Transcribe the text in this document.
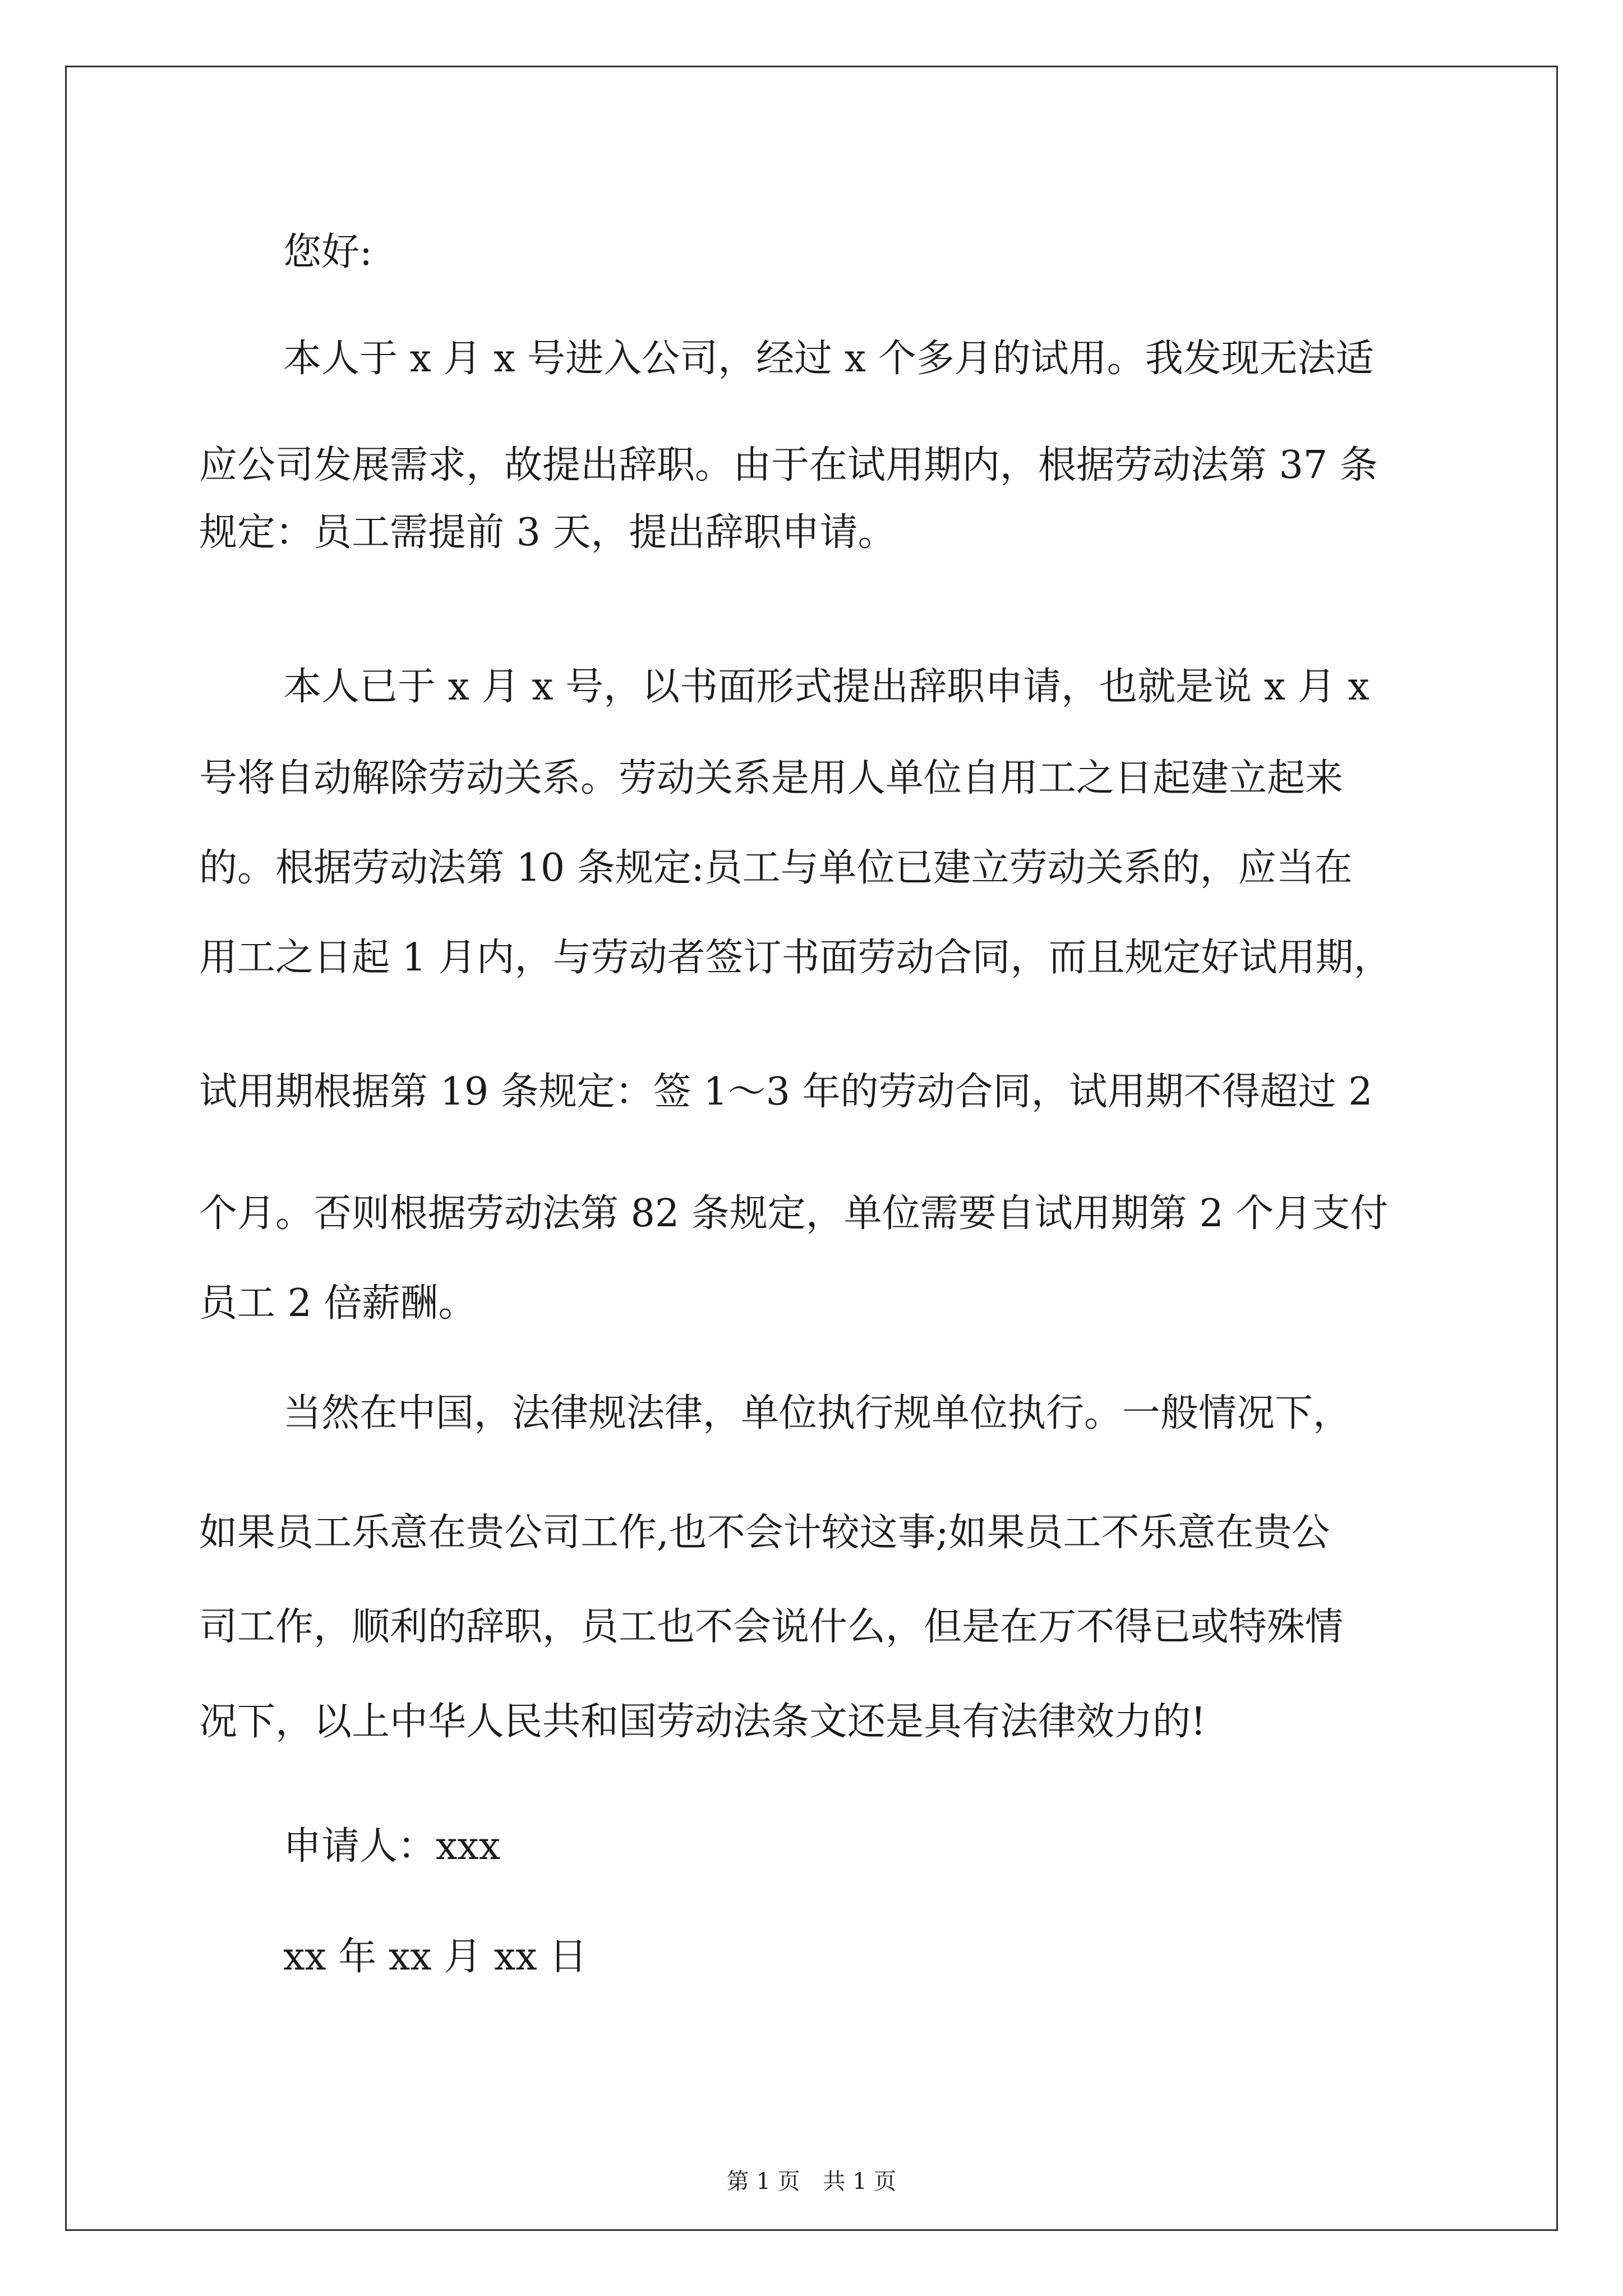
您好:
本人于 x 月 x 号进入公司，经过 x 个多月的试用。我发现无法适
应公司发展需求，故提出辞职。由于在试用期内，根据劳动法第 37 条
规定：员工需提前 3 天，提出辞职申请。
本人已于 x 月 x 号，以书面形式提出辞职申请，也就是说 x 月 x
号将自动解除劳动关系。劳动关系是用人单位自用工之日起建立起来
的。根据劳动法第 10 条规定:员工与单位已建立劳动关系的，应当在
用工之日起 1 月内，与劳动者签订书面劳动合同，而且规定好试用期，
试用期根据第 19 条规定：签 1～3 年的劳动合同，试用期不得超过 2
个月。否则根据劳动法第 82 条规定，单位需要自试用期第 2 个月支付
员工 2 倍薪酬。
当然在中国，法律规法律，单位执行规单位执行。一般情况下，
如果员工乐意在贵公司工作,也不会计较这事;如果员工不乐意在贵公
司工作，顺利的辞职，员工也不会说什么，但是在万不得已或特殊情
况下，以上中华人民共和国劳动法条文还是具有法律效力的!
申请人：xxx
xx 年 xx 月 xx 日
第 1 页 共 1 页
